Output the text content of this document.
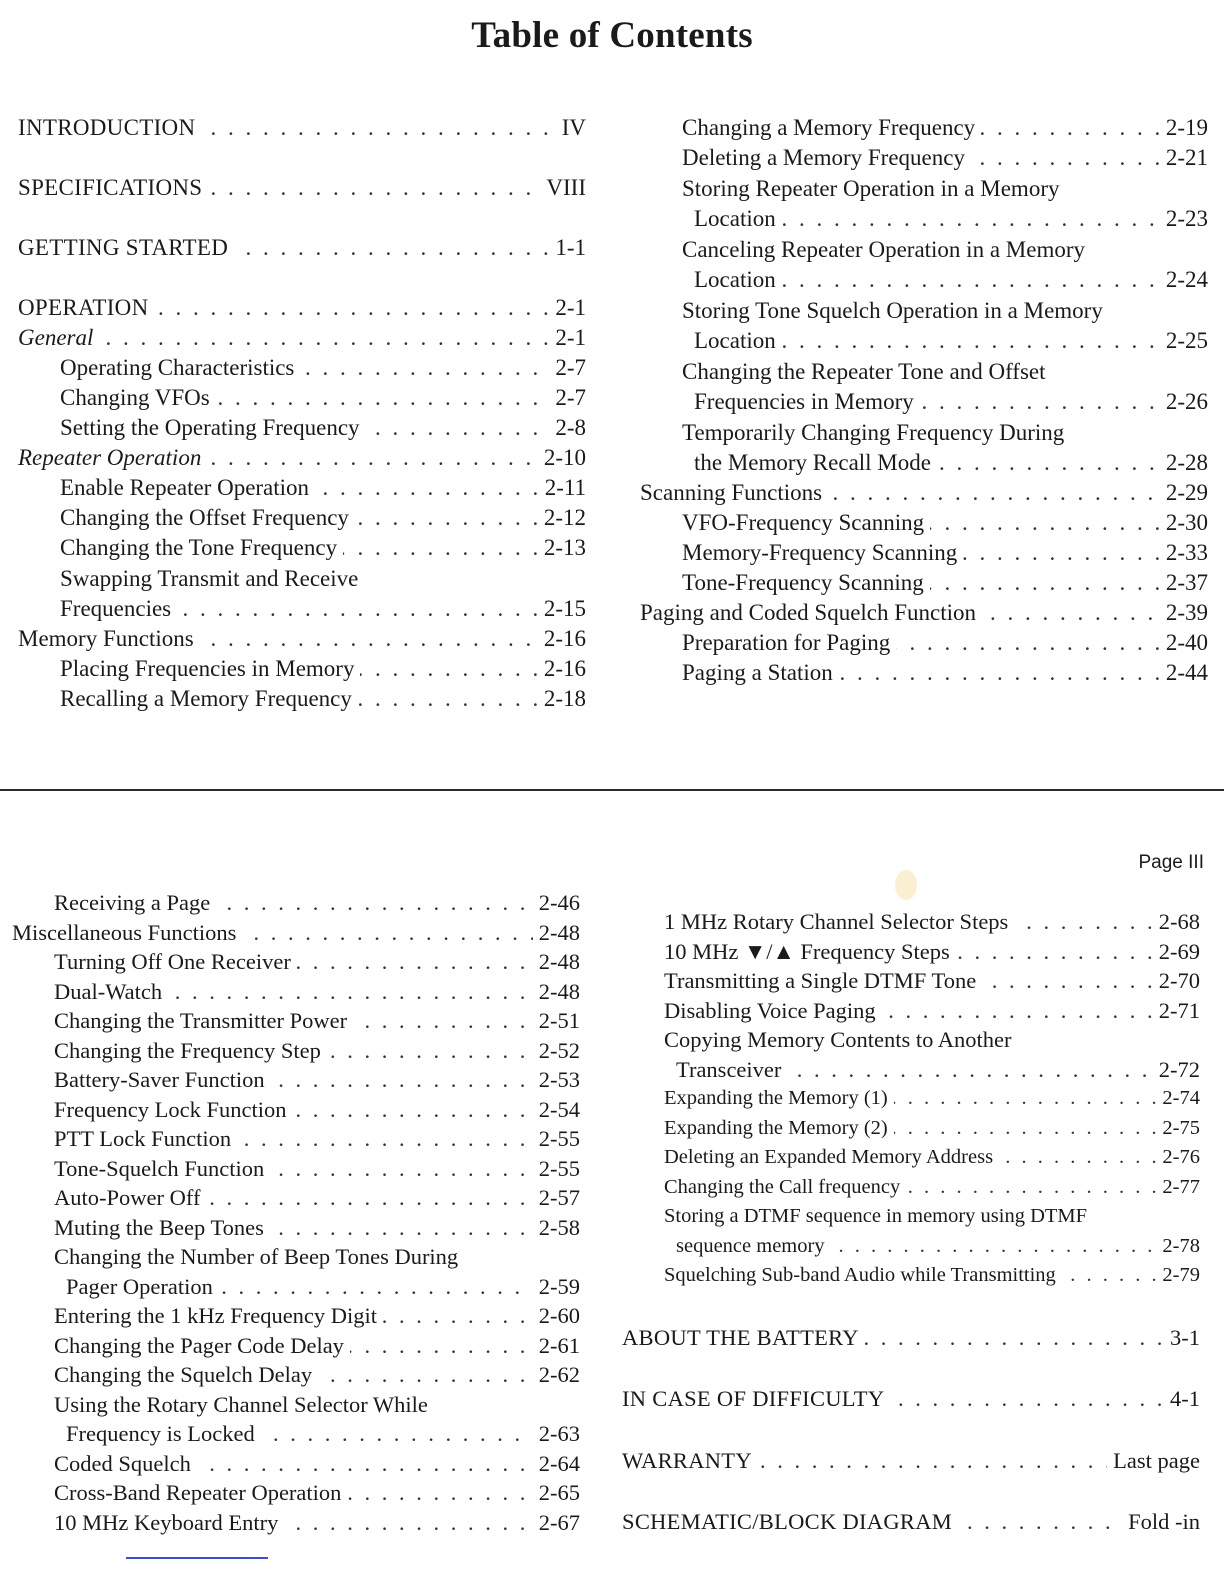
Table of Contents
INTRODUCTION . . .	IV
SPECIFICATIONS . . .	VIII
GETTING STARTED . . .	1-1
OPERATION . . .	2-1
General . . .	2-1
Operating Characteristics . . .	2-7
Changing VFOs . . .	2-7
Setting the Operating Frequency . . .	2-8
Repeater Operation . . .	2-10
Enable Repeater Operation . . .	2-11
Changing the Offset Frequency . . .	2-12
Changing the Tone Frequency . . .	2-13
Swapping Transmit and Receive
Frequencies . . .	2-15
Memory Functions . . .	2-16
Placing Frequencies in Memory . . .	2-16
Recalling a Memory Frequency . . .	2-18
Changing a Memory Frequency . . .	2-19
Deleting a Memory Frequency . . .	2-21
Storing Repeater Operation in a Memory
Location . . .	2-23
Canceling Repeater Operation in a Memory
Location . . .	2-24
Storing Tone Squelch Operation in a Memory
Location . . .	2-25
Changing the Repeater Tone and Offset
Frequencies in Memory . . .	2-26
Temporarily Changing Frequency During
the Memory Recall Mode . . .	2-28
Scanning Functions . . .	2-29
VFO-Frequency Scanning . . .	2-30
Memory-Frequency Scanning . . .	2-33
Tone-Frequency Scanning . . .	2-37
Paging and Coded Squelch Function . . .	2-39
Preparation for Paging . . .	2-40
Paging a Station . . .	2-44
Page III
Receiving a Page . . .	2-46
Miscellaneous Functions . . .	2-48
Turning Off One Receiver . . .	2-48
Dual-Watch . . .	2-48
Changing the Transmitter Power . . .	2-51
Changing the Frequency Step . . .	2-52
Battery-Saver Function . . .	2-53
Frequency Lock Function . . .	2-54
PTT Lock Function . . .	2-55
Tone-Squelch Function . . .	2-55
Auto-Power Off . . .	2-57
Muting the Beep Tones . . .	2-58
Changing the Number of Beep Tones During
Pager Operation . . .	2-59
Entering the 1 kHz Frequency Digit . . .	2-60
Changing the Pager Code Delay . . .	2-61
Changing the Squelch Delay . . .	2-62
Using the Rotary Channel Selector While
Frequency is Locked . . .	2-63
Coded Squelch . . .	2-64
Cross-Band Repeater Operation . . .	2-65
10 MHz Keyboard Entry . . .	2-67
1 MHz Rotary Channel Selector Steps . . .	2-68
10 MHz ▼/▲ Frequency Steps . . .	2-69
Transmitting a Single DTMF Tone . . .	2-70
Disabling Voice Paging . . .	2-71
Copying Memory Contents to Another
Transceiver . . .	2-72
Expanding the Memory (1) . . .	2-74
Expanding the Memory (2) . . .	2-75
Deleting an Expanded Memory Address . . .	2-76
Changing the Call frequency . . .	2-77
Storing a DTMF sequence in memory using DTMF
sequence memory . . .	2-78
Squelching Sub-band Audio while Transmitting . . .	2-79
ABOUT THE BATTERY . . .	3-1
IN CASE OF DIFFICULTY . . .	4-1
WARRANTY . . .	Last page
SCHEMATIC/BLOCK DIAGRAM . . .	Fold -in
